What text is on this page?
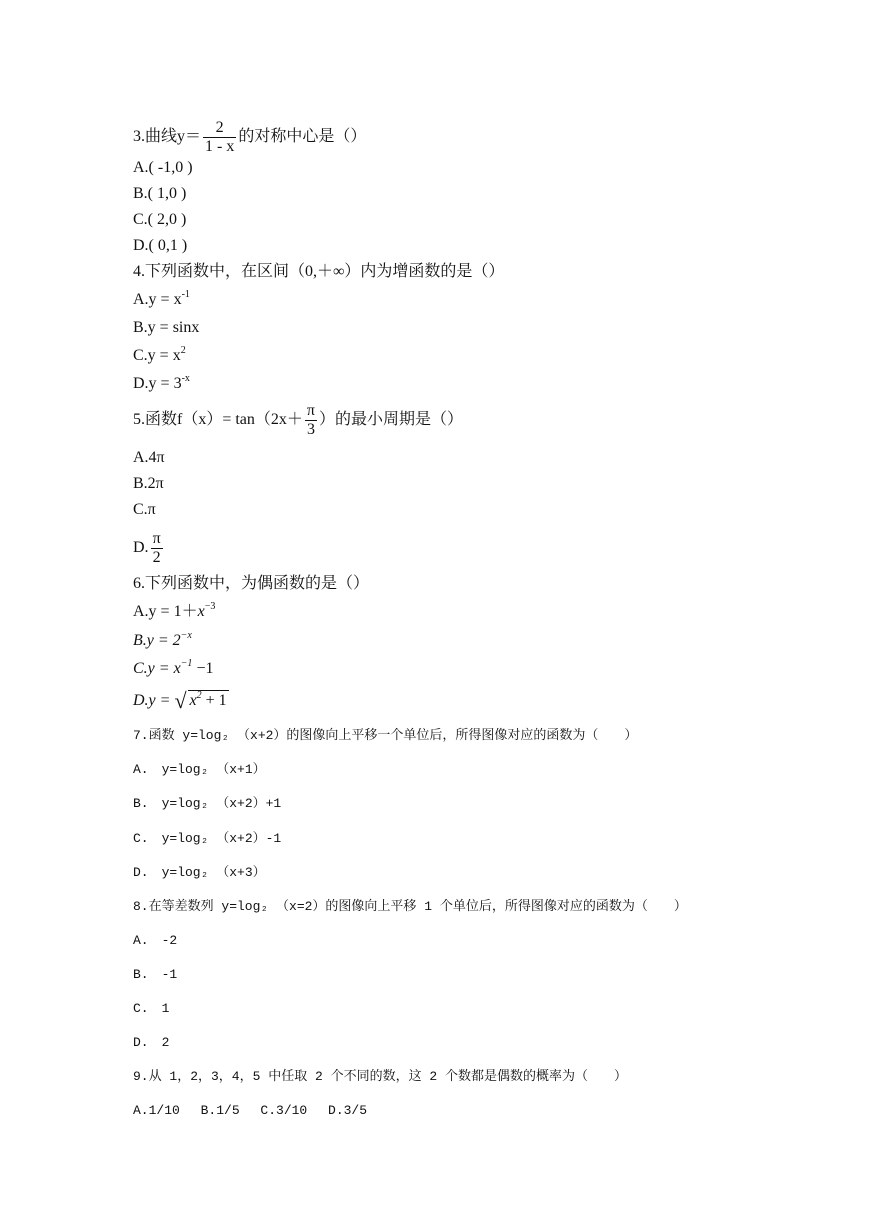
3.曲线$y= \frac{2}{1 - x}$ 的对称中心是（）
A.( -1,0 )
B.( 1,0 )
C.( 2,0 )
D.( 0,1 )
4.下列函数中，在区间（0,＋∞）内为增函数的是（）
$A.y = x^{-1}$
B.y = sinx
$C.y = x^2$
$D.y = 3^{-x}$
5.函数$f(x)= \tan(2x+ \frac{\pi}{3}$ ）的最小周期是（）
A.4π
B.2π
C.π
D. $\frac{\pi}{2}$
6.下列函数中，为偶函数的是（）
$A.y = 1+x^{-3}$
$B.y = 2^{-x}$
$C.y = x^{-1} -1$
D.y = √ $x^2 + 1$
7.函数 y=log₂ （x+2）的图像向上平移一个单位后，所得图像对应的函数为（　　）
A.　y=log₂ （x+1）
B.　y=log₂ （x+2）+1
C.　y=log₂ （x+2）-1
D.　y=log₂ （x+3）
8.在等差数列 y=log₂ （x=2）的图像向上平移 1 个单位后，所得图像对应的函数为（　　）
A.　-2
B.　-1
C.　1
D.　2
9.从 1，2，3，4，5 中任取 2 个不同的数，这 2 个数都是偶数的概率为（　　）
A.1/10　 B.1/5　 C.3/10　 D.3/5
